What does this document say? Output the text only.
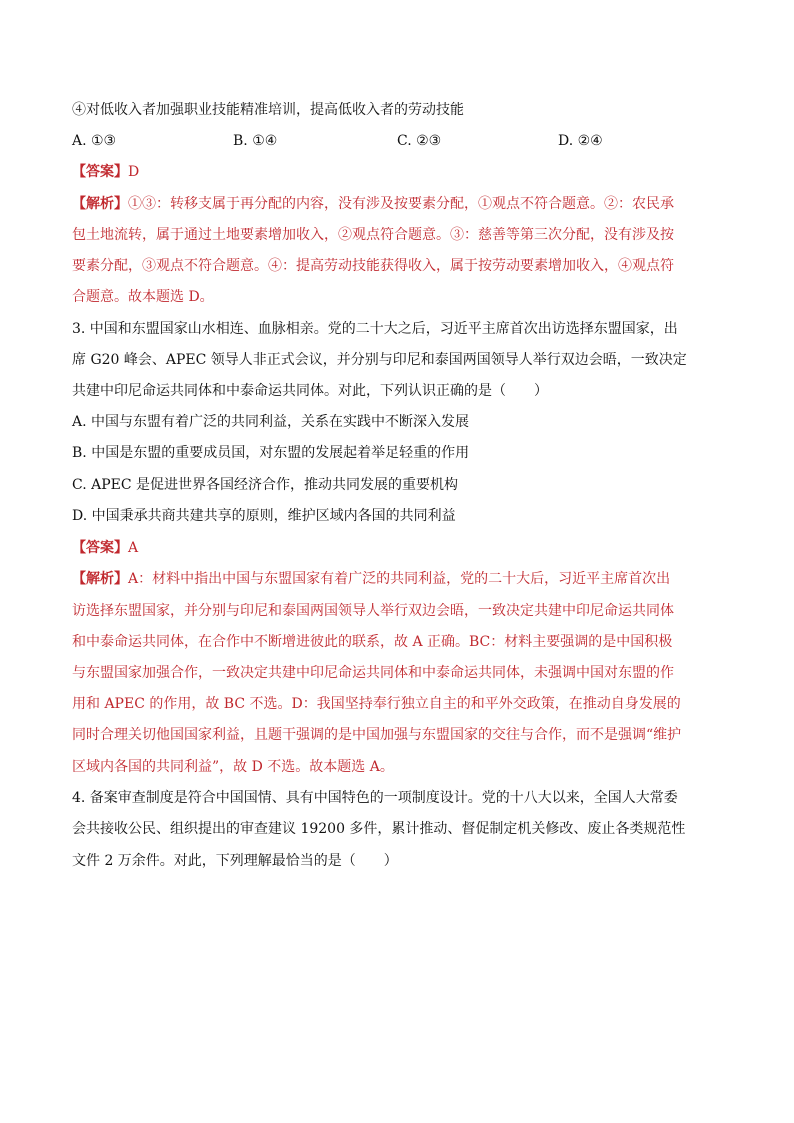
④对低收入者加强职业技能精准培训，提高低收入者的劳动技能
A. ①③	B. ①④	C. ②③	D. ②④
【答案】D
【解析】①③：转移支属于再分配的内容，没有涉及按要素分配，①观点不符合题意。②：农民承
包土地流转，属于通过土地要素增加收入，②观点符合题意。③：慈善等第三次分配，没有涉及按
要素分配，③观点不符合题意。④：提高劳动技能获得收入，属于按劳动要素增加收入，④观点符
合题意。故本题选 D。
3. 中国和东盟国家山水相连、血脉相亲。党的二十大之后，习近平主席首次出访选择东盟国家，出
席 G20 峰会、APEC 领导人非正式会议，并分别与印尼和泰国两国领导人举行双边会晤，一致决定
共建中印尼命运共同体和中泰命运共同体。对此，下列认识正确的是（　　）
A. 中国与东盟有着广泛的共同利益，关系在实践中不断深入发展
B. 中国是东盟的重要成员国，对东盟的发展起着举足轻重的作用
C. APEC 是促进世界各国经济合作，推动共同发展的重要机构
D. 中国秉承共商共建共享的原则，维护区域内各国的共同利益
【答案】A
【解析】A：材料中指出中国与东盟国家有着广泛的共同利益，党的二十大后，习近平主席首次出
访选择东盟国家，并分别与印尼和泰国两国领导人举行双边会晤，一致决定共建中印尼命运共同体
和中泰命运共同体，在合作中不断增进彼此的联系，故 A 正确。BC：材料主要强调的是中国积极
与东盟国家加强合作，一致决定共建中印尼命运共同体和中泰命运共同体，未强调中国对东盟的作
用和 APEC 的作用，故 BC 不选。D：我国坚持奉行独立自主的和平外交政策，在推动自身发展的
同时合理关切他国国家利益，且题干强调的是中国加强与东盟国家的交往与合作，而不是强调“维护
区域内各国的共同利益”，故 D 不选。故本题选 A。
4. 备案审查制度是符合中国国情、具有中国特色的一项制度设计。党的十八大以来，全国人大常委
会共接收公民、组织提出的审查建议 19200 多件，累计推动、督促制定机关修改、废止各类规范性
文件 2 万余件。对此，下列理解最恰当的是（　　）
